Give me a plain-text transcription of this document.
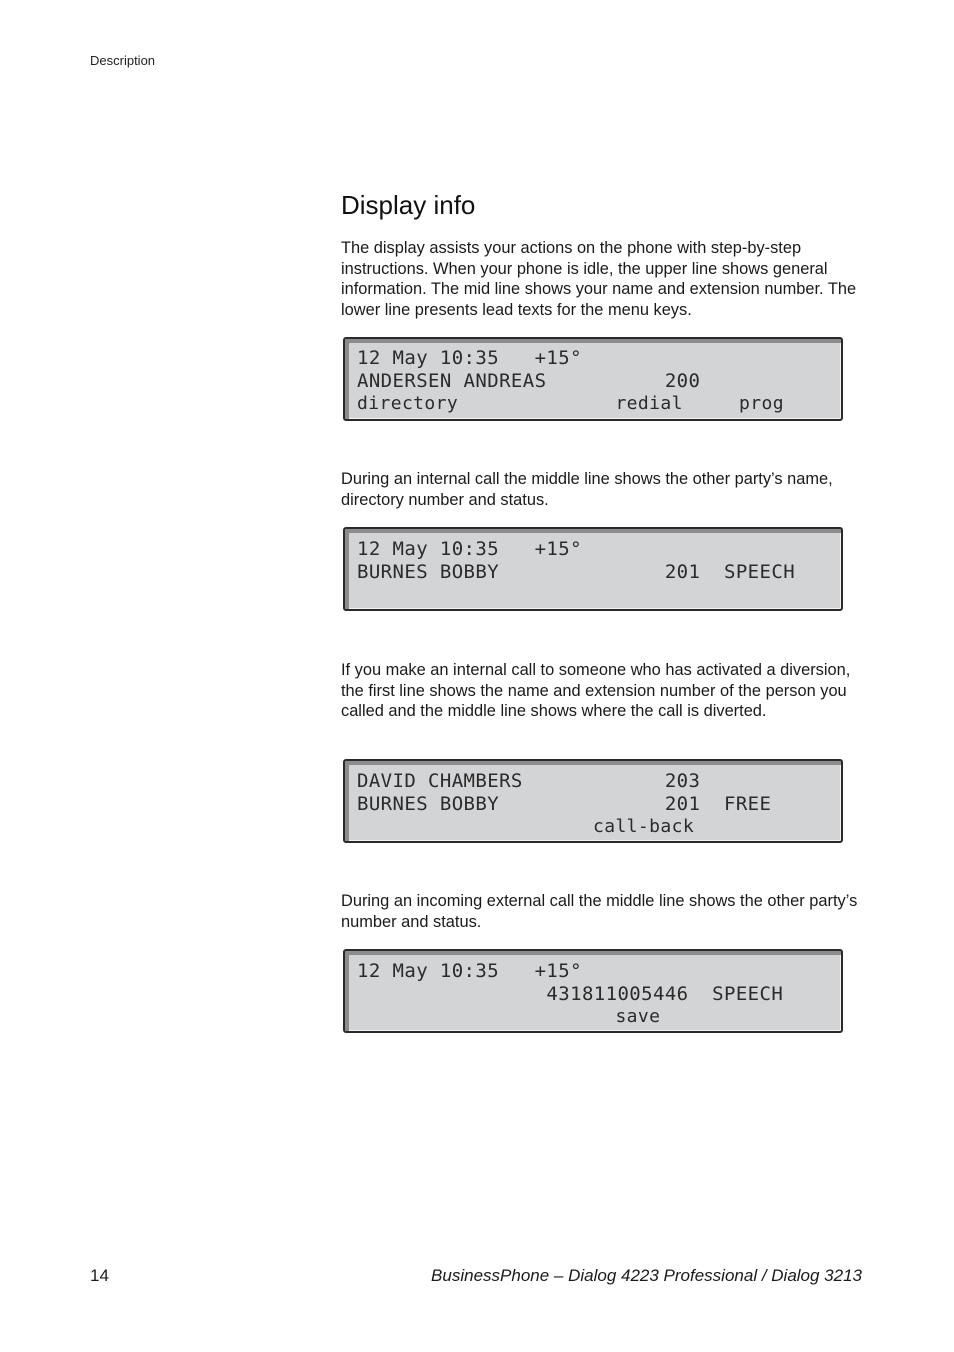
Description
Display info

The display assists your actions on the phone with step-by-step instructions. When your phone is idle, the upper line shows general information. The mid line shows your name and extension number. The lower line presents lead texts for the menu keys.

12 May 10:35   +15°
ANDERSEN ANDREAS          200
directory              redial     prog

During an internal call the middle line shows the other party’s name, directory number and status.

12 May 10:35   +15°
BURNES BOBBY              201  SPEECH

If you make an internal call to someone who has activated a diversion, the first line shows the name and extension number of the person you called and the middle line shows where the call is diverted.

DAVID CHAMBERS            203
BURNES BOBBY              201  FREE
call-back

During an incoming external call the middle line shows the other party’s number and status.

12 May 10:35   +15°
431811005446  SPEECH
save
14	BusinessPhone – Dialog 4223 Professional / Dialog 3213
